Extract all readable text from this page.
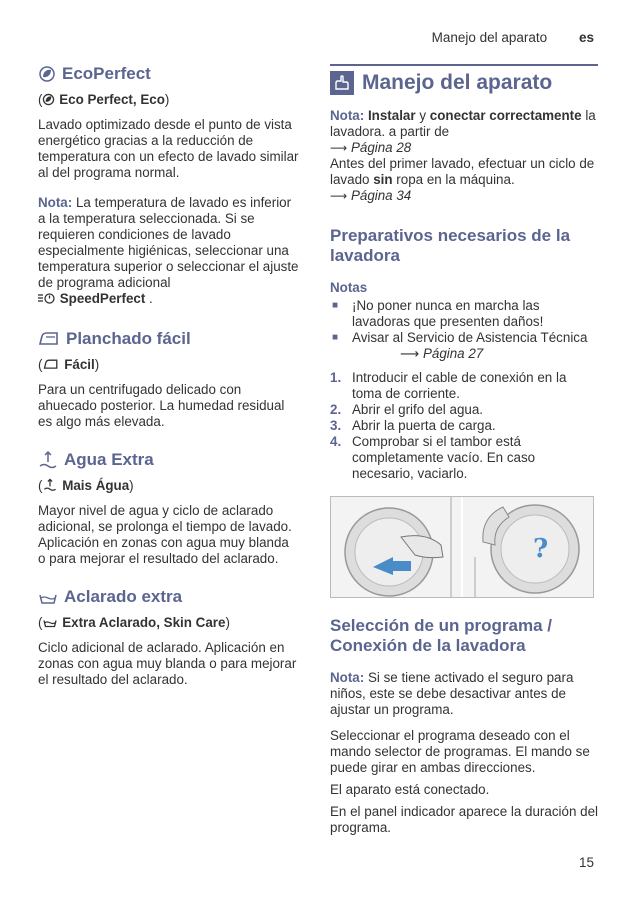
Manejo del aparato es
EcoPerfect

( Eco Perfect, Eco)

Lavado optimizado desde el punto de vista energético gracias a la reducción de temperatura con un efecto de lavado similar al del programa normal.

Nota: La temperatura de lavado es inferior a la temperatura seleccionada. Si se requieren condiciones de lavado especialmente higiénicas, seleccionar una temperatura superior o seleccionar el ajuste de programa adicional
SpeedPerfect .

Planchado fácil

( Fácil)

Para un centrifugado delicado con ahuecado posterior. La humedad residual es algo más elevada.

Agua Extra

( Mais Água)

Mayor nivel de agua y ciclo de aclarado adicional, se prolonga el tiempo de lavado. Aplicación en zonas con agua muy blanda o para mejorar el resultado del aclarado.

Aclarado extra

( Extra Aclarado, Skin Care)

Ciclo adicional de aclarado. Aplicación en zonas con agua muy blanda o para mejorar el resultado del aclarado.

Manejo del aparato

Nota: Instalar y conectar correctamente la lavadora. a partir de
⟶ Página 28

Antes del primer lavado, efectuar un ciclo de lavado sin ropa en la máquina.
⟶ Página 34

Preparativos necesarios de la lavadora

Notas

■ ¡No poner nunca en marcha las lavadoras que presenten daños!
■ Avisar al Servicio de Asistencia Técnica
⟶ Página 27
1. Introducir el cable de conexión en la toma de corriente.
2. Abrir el grifo del agua.
3. Abrir la puerta de carga.
4. Comprobar si el tambor está completamente vacío. En caso necesario, vaciarlo.
?
Selección de un programa / Conexión de la lavadora

Nota: Si se tiene activado el seguro para niños, este se debe desactivar antes de ajustar un programa.

Seleccionar el programa deseado con el mando selector de programas. El mando se puede girar en ambas direcciones.

El aparato está conectado.

En el panel indicador aparece la duración del programa.

15
